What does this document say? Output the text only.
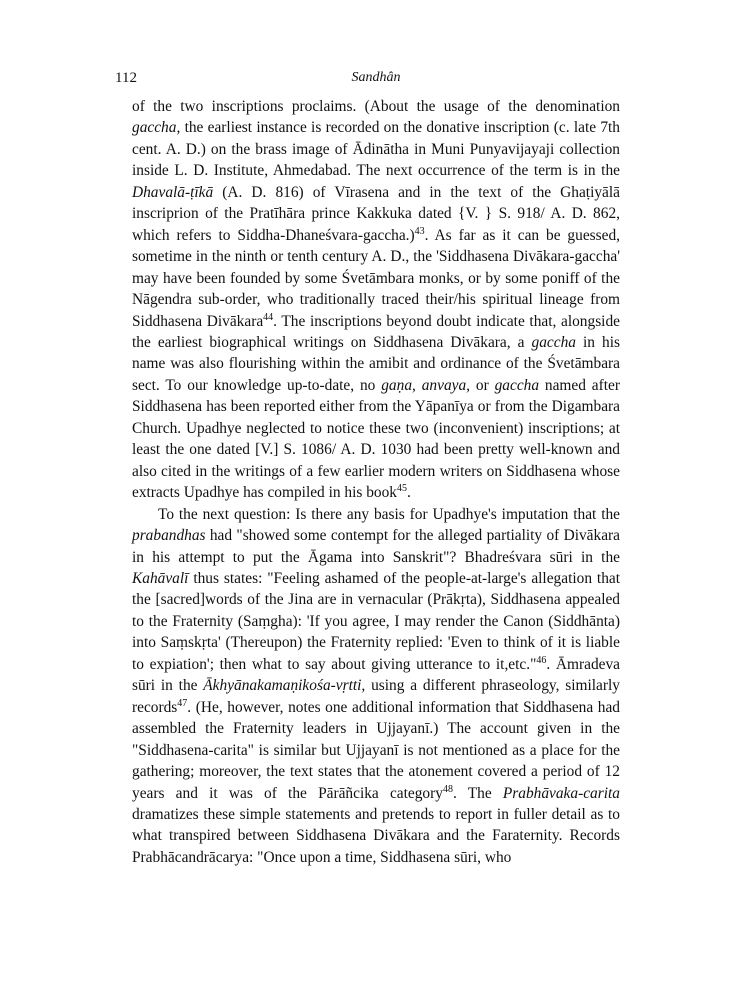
112	Sandhân

of the two inscriptions proclaims. (About the usage of the denomination gaccha, the earliest instance is recorded on the donative inscription (c. late 7th cent. A. D.) on the brass image of Ādinātha in Muni Punyavijayaji collection inside L. D. Institute, Ahmedabad. The next occurrence of the term is in the Dhavalā-ṭīkā (A. D. 816) of Vīrasena and in the text of the Ghaṭiyālā inscriprion of the Pratīhāra prince Kakkuka dated {V. } S. 918/ A. D. 862, which refers to Siddha-Dhaneśvara-gaccha.)$^{43}$. As far as it can be guessed, sometime in the ninth or tenth century A. D., the 'Siddhasena Divākara-gaccha' may have been founded by some Śvetāmbara monks, or by some poniff of the Nāgendra sub-order, who traditionally traced their/his spiritual lineage from Siddhasena Divākara$^{44}$. The inscriptions beyond doubt indicate that, alongside the earliest biographical writings on Siddhasena Divākara, a gaccha in his name was also flourishing within the amibit and ordinance of the Śvetāmbara sect. To our knowledge up-to-date, no gaṇa, anvaya, or gaccha named after Siddhasena has been reported either from the Yāpanīya or from the Digambara Church. Upadhye neglected to notice these two (inconvenient) inscriptions; at least the one dated [V.] S. 1086/ A. D. 1030 had been pretty well-known and also cited in the writings of a few earlier modern writers on Siddhasena whose extracts Upadhye has compiled in his book$^{45}$.

To the next question: Is there any basis for Upadhye's imputation that the prabandhas had "showed some contempt for the alleged partiality of Divākara in his attempt to put the Āgama into Sanskrit"? Bhadreśvara sūri in the Kahāvalī thus states: "Feeling ashamed of the people-at-large's allegation that the [sacred]words of the Jina are in vernacular (Prākṛta), Siddhasena appealed to the Fraternity (Saṃgha): 'If you agree, I may render the Canon (Siddhānta) into Saṃskṛta' (Thereupon) the Fraternity replied: 'Even to think of it is liable to expiation'; then what to say about giving utterance to it,etc."$^{46}$. Āmradeva sūri in the Ākhyānakamaṇikośa-vṛtti, using a different phraseology, similarly records$^{47}$. (He, however, notes one additional information that Siddhasena had assembled the Fraternity leaders in Ujjayanī.) The account given in the "Siddhasena-carita" is similar but Ujjayanī is not mentioned as a place for the gathering; moreover, the text states that the atonement covered a period of 12 years and it was of the Pārāñcika category$^{48}$. The Prabhāvaka-carita dramatizes these simple statements and pretends to report in fuller detail as to what transpired between Siddhasena Divākara and the Faraternity. Records Prabhācandrācarya: "Once upon a time, Siddhasena sūri, who
